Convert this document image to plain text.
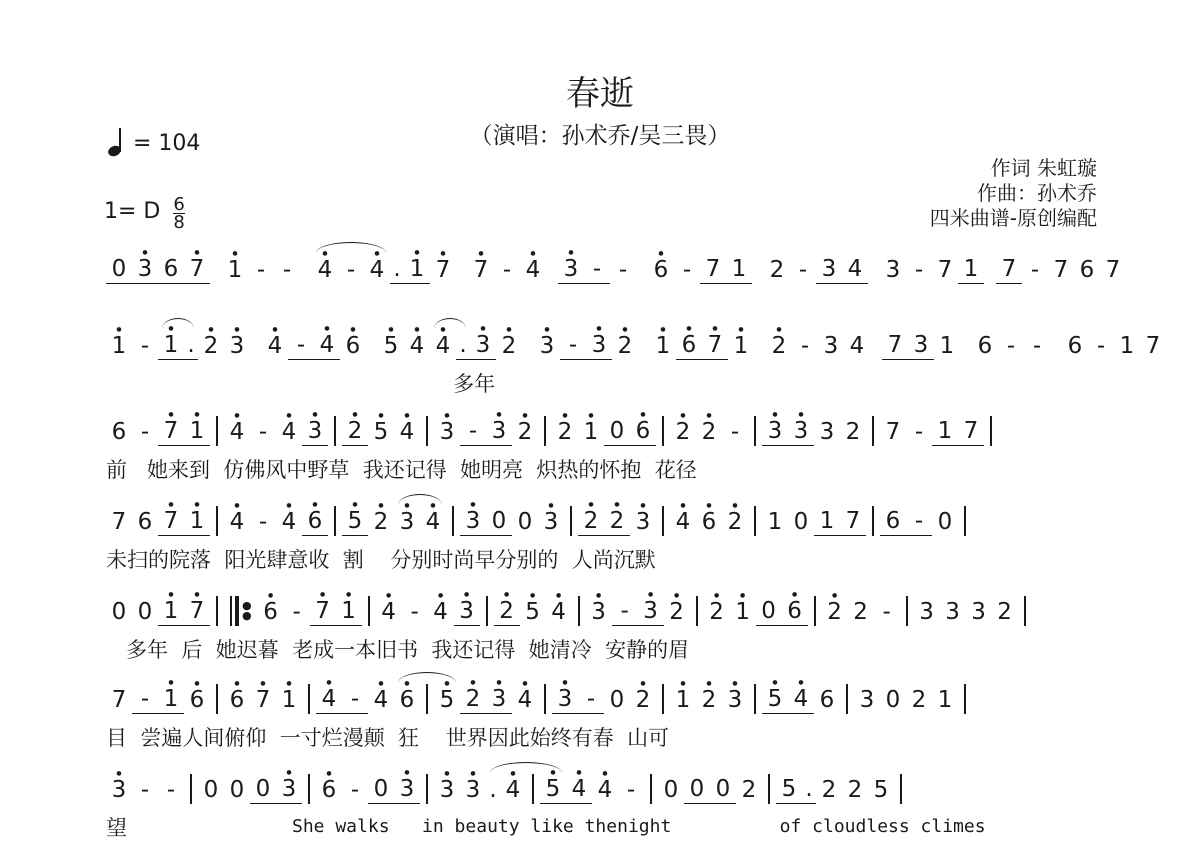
春逝
（演唱：孙术乔/吴三畏）
作词 朱虹璇
作曲：孙术乔
四米曲谱-原创编配
= 104
1= D $\frac{6}{8}$
0 3
●
6 7
●
1
●
- -	4
●
- 4
●
. 1
●
7
●
7
●
- 4
●
3
●
- -	6
●
- 7 1 2 - 3 4 3 - 7 1 7 - 7 6 7
1
●
- 1
●
. 2
●
3
●
4
●
- 4
●
6
●
5
●
4
●
4
●
. 3
●
2
●
3
●
- 3
●
2
●
1
●
6
●
7
●
1
●
2
●
- 3 4 7 3 1 6 - -	6 - 1 7
多年
6 - 7
●
1
●
4
●
- 4
●
3
●
2
●
5
●
4
●
3
●
- 3
●
2
●
2
●
1
●
0 6
●
2
●
2
●
-	3
●
3
●
3 2 7 - 1 7
前   她来到  仿佛风中野草  我还记得  她明亮  炽热的怀抱  花径
7 6 7
●
1
●
4
●
- 4
●
6
●
5
●
2
●
3
●
4
●
3
●
0 0 3
●
2
●
2
●
3
●
4
●
6
●
2
●
1 0 1 7 6 - 0
未扫的院落  阳光肆意收  割    分别时尚早分别的  人尚沉默
0 0 1
●
7
●
●
● 6
●
- 7
●
1
●
4
●
- 4
●
3
●
2
●
5
●
4
●
3
●
- 3
●
2
●
2
●
1
●
0 6
●
2
●
2 -	3 3 3 2
多年  后  她迟暮  老成一本旧书  我还记得  她清冷  安静的眉
7 - 1
●
6
●
6
●
7
●
1
●
4
●
- 4
●
6
●
5
●
2
●
3
●
4
●
3
●
- 0 2
●
1
●
2
●
3
●
5
●
4
●
6 3 0 2 1
目  尝遍人间俯仰  一寸烂漫颠  狂    世界因此始终有春  山可
3
●
- -	0 0 0 3
●
6
●
- 0 3
●
3
●
3
●
. 4
●
5
●
4
●
4
●
-	0 0 0 2 5 . 2 2 5
望	She walks   in beauty like thenight          of cloudless climes
